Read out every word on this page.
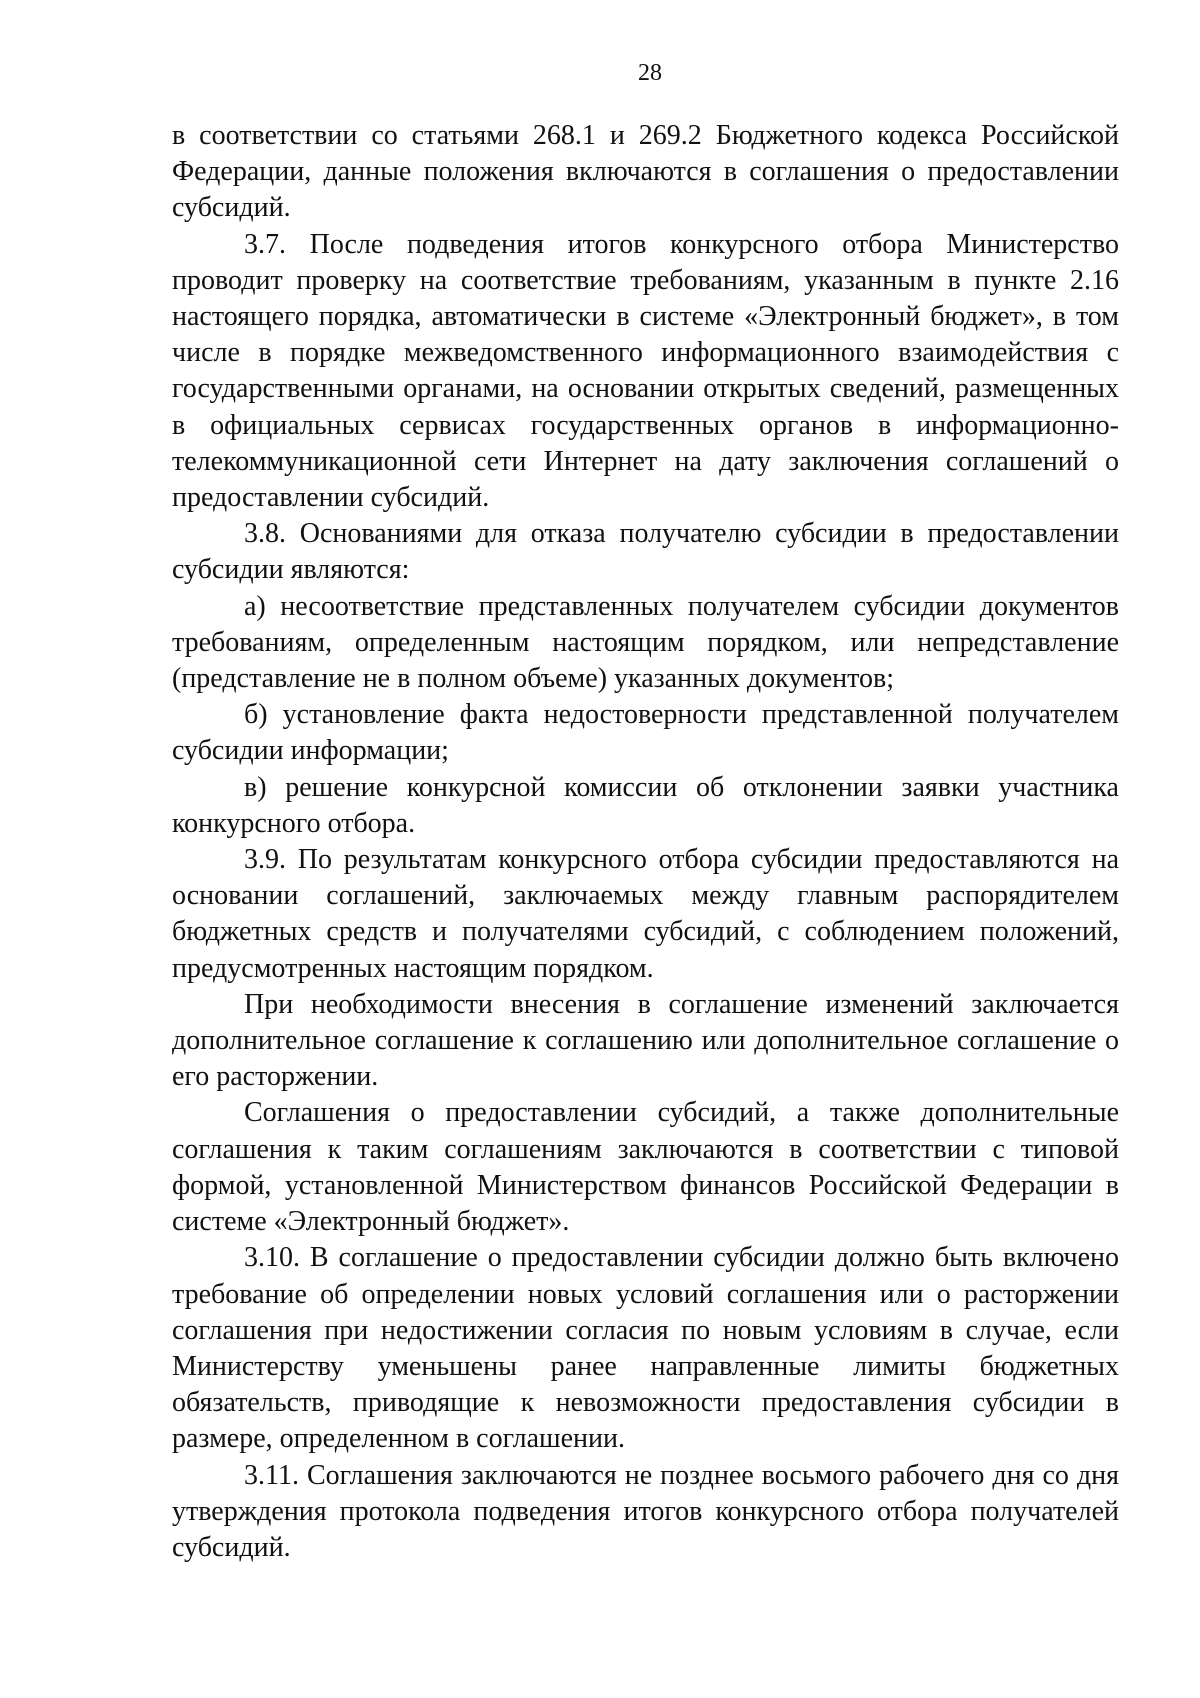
28

в соответствии со статьями 268.1 и 269.2 Бюджетного кодекса Российской Федерации, данные положения включаются в соглашения о предоставлении субсидий.

3.7. После подведения итогов конкурсного отбора Министерство проводит проверку на соответствие требованиям, указанным в пункте 2.16 настоящего порядка, автоматически в системе «Электронный бюджет», в том числе в порядке межведомственного информационного взаимодействия с государственными органами, на основании открытых сведений, размещенных в официальных сервисах государственных органов в информационно-телекоммуникационной сети Интернет на дату заключения соглашений о предоставлении субсидий.

3.8. Основаниями для отказа получателю субсидии в предоставлении субсидии являются:

а) несоответствие представленных получателем субсидии документов требованиям, определенным настоящим порядком, или непредставление (представление не в полном объеме) указанных документов;

б) установление факта недостоверности представленной получателем субсидии информации;

в) решение конкурсной комиссии об отклонении заявки участника конкурсного отбора.

3.9. По результатам конкурсного отбора субсидии предоставляются на основании соглашений, заключаемых между главным распорядителем бюджетных средств и получателями субсидий, с соблюдением положений, предусмотренных настоящим порядком.

При необходимости внесения в соглашение изменений заключается дополнительное соглашение к соглашению или дополнительное соглашение о его расторжении.

Соглашения о предоставлении субсидий, а также дополнительные соглашения к таким соглашениям заключаются в соответствии с типовой формой, установленной Министерством финансов Российской Федерации в системе «Электронный бюджет».

3.10. В соглашение о предоставлении субсидии должно быть включено требование об определении новых условий соглашения или о расторжении соглашения при недостижении согласия по новым условиям в случае, если Министерству уменьшены ранее направленные лимиты бюджетных обязательств, приводящие к невозможности предоставления субсидии в размере, определенном в соглашении.

3.11. Соглашения заключаются не позднее восьмого рабочего дня со дня утверждения протокола подведения итогов конкурсного отбора получателей субсидий.
